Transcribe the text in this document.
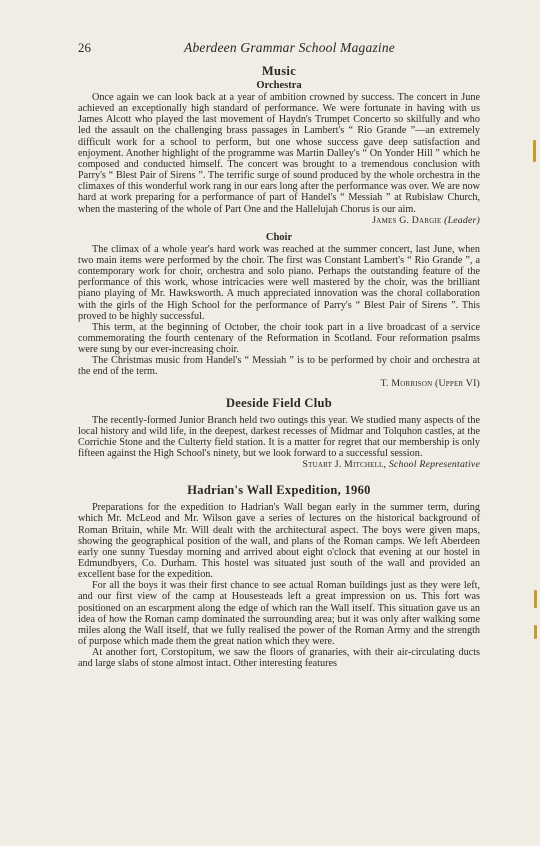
26	Aberdeen Grammar School Magazine
Music
Orchestra

Once again we can look back at a year of ambition crowned by success. The concert in June achieved an exceptionally high standard of performance. We were fortunate in having with us James Alcott who played the last movement of Haydn's Trumpet Concerto so skilfully and who led the assault on the challenging brass passages in Lambert's “ Rio Grande ”—an extremely difficult work for a school to perform, but one whose success gave deep satisfaction and enjoyment. Another highlight of the programme was Martin Dalley's “ On Yonder Hill ” which he composed and conducted himself. The concert was brought to a tremendous conclusion with Parry's “ Blest Pair of Sirens ”. The terrific surge of sound produced by the whole orchestra in the climaxes of this wonderful work rang in our ears long after the performance was over. We are now hard at work preparing for a performance of part of Handel's “ Messiah ” at Rubislaw Church, when the mastering of the whole of Part One and the Hallelujah Chorus is our aim.

James G. Dargie (Leader)
Choir

The climax of a whole year's hard work was reached at the summer concert, last June, when two main items were performed by the choir. The first was Constant Lambert's “ Rio Grande ”, a contemporary work for choir, orchestra and solo piano. Perhaps the outstanding feature of the performance of this work, whose intricacies were well mastered by the choir, was the brilliant piano playing of Mr. Hawksworth. A much appreciated innovation was the choral collaboration with the girls of the High School for the performance of Parry's “ Blest Pair of Sirens ”. This proved to be highly successful.

This term, at the beginning of October, the choir took part in a live broadcast of a service commemorating the fourth centenary of the Reformation in Scotland. Four reformation psalms were sung by our ever-increasing choir.

The Christmas music from Handel's “ Messiah ” is to be performed by choir and orchestra at the end of the term.

T. Morrison (Upper VI)
Deeside Field Club

The recently-formed Junior Branch held two outings this year. We studied many aspects of the local history and wild life, in the deepest, darkest recesses of Midmar and Tolquhon castles, at the Corrichie Stone and the Culterty field station. It is a matter for regret that our membership is only fifteen against the High School's ninety, but we look forward to a successful session.

Stuart J. Mitchell, School Representative
Hadrian's Wall Expedition, 1960

Preparations for the expedition to Hadrian's Wall began early in the summer term, during which Mr. McLeod and Mr. Wilson gave a series of lectures on the historical background of Roman Britain, while Mr. Will dealt with the architectural aspect. The boys were given maps, showing the geographical position of the wall, and plans of the Roman camps. We left Aberdeen early one sunny Tuesday morning and arrived about eight o'clock that evening at our hostel in Edmundbyers, Co. Durham. This hostel was situated just south of the wall and provided an excellent base for the expedition.

For all the boys it was their first chance to see actual Roman buildings just as they were left, and our first view of the camp at Housesteads left a great impression on us. This fort was positioned on an escarpment along the edge of which ran the Wall itself. This situation gave us an idea of how the Roman camp dominated the surrounding area; but it was only after walking some miles along the Wall itself, that we fully realised the power of the Roman Army and the strength of purpose which made them the great nation which they were.

At another fort, Corstopitum, we saw the floors of granaries, with their air-circulating ducts and large slabs of stone almost intact. Other interesting features
